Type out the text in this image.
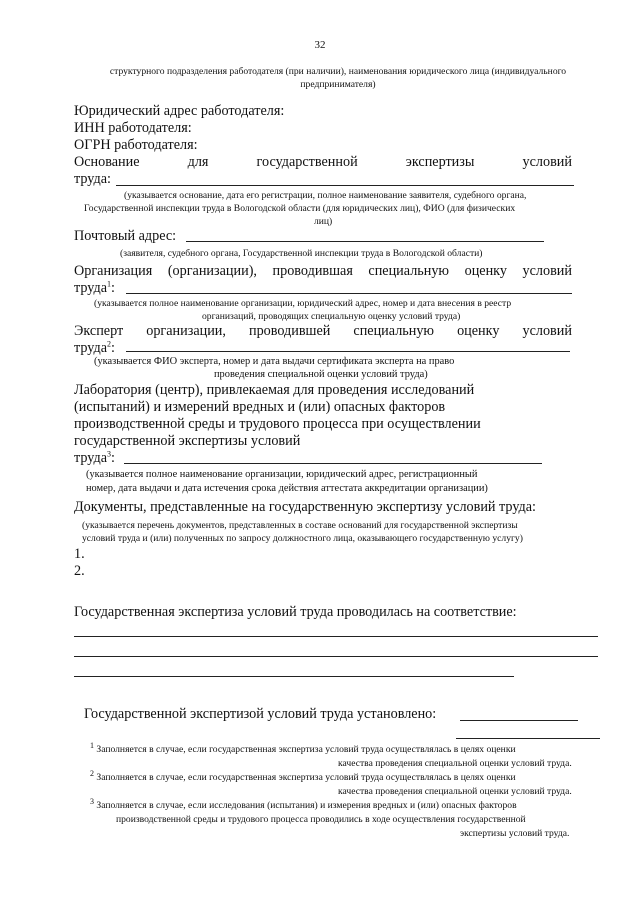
32
структурного подразделения работодателя (при наличии), наименования юридического лица (индивидуального предпринимателя)
Юридический адрес работодателя:
ИНН работодателя:
ОГРН работодателя:
Основание	для	государственной	экспертизы	условий
труда:
(указывается основание, дата его регистрации, полное наименование заявителя, судебного органа,
Государственной инспекции труда в Вологодской области (для юридических лиц), ФИО (для физических
лиц)
Почтовый адрес:
(заявителя, судебного органа, Государственной инспекции труда в Вологодской области)
Организация (организации), проводившая специальную оценку условий
труда$^1$:
(указывается полное наименование организации, юридический адрес, номер и дата внесения в реестр
организаций, проводящих специальную оценку условий труда)
Эксперт организации, проводившей специальную оценку условий
труда$^2$:
(указывается ФИО эксперта, номер и дата выдачи сертификата эксперта на право
проведения специальной оценки условий труда)
Лаборатория (центр), привлекаемая для проведения исследований
(испытаний) и измерений вредных и (или) опасных факторов
производственной среды и трудового процесса при осуществлении
государственной экспертизы условий
труда$^3$:
(указывается полное наименование организации, юридический адрес, регистрационный
номер, дата выдачи и дата истечения срока действия аттестата аккредитации организации)
Документы, представленные на государственную экспертизу условий труда:
(указывается перечень документов, представленных в составе оснований для государственной экспертизы
условий труда и (или) полученных по запросу должностного лица, оказывающего государственную услугу)
1.
2.
Государственная экспертиза условий труда проводилась на соответствие:
Государственной экспертизой условий труда установлено:
$^1$ Заполняется в случае, если государственная экспертиза условий труда осуществлялась в целях оценки
качества проведения специальной оценки условий труда.
$^2$ Заполняется в случае, если государственная экспертиза условий труда осуществлялась в целях оценки
качества проведения специальной оценки условий труда.
$^3$ Заполняется в случае, если исследования (испытания) и измерения вредных и (или) опасных факторов
производственной среды и трудового процесса проводились в ходе осуществления государственной
экспертизы условий труда.
